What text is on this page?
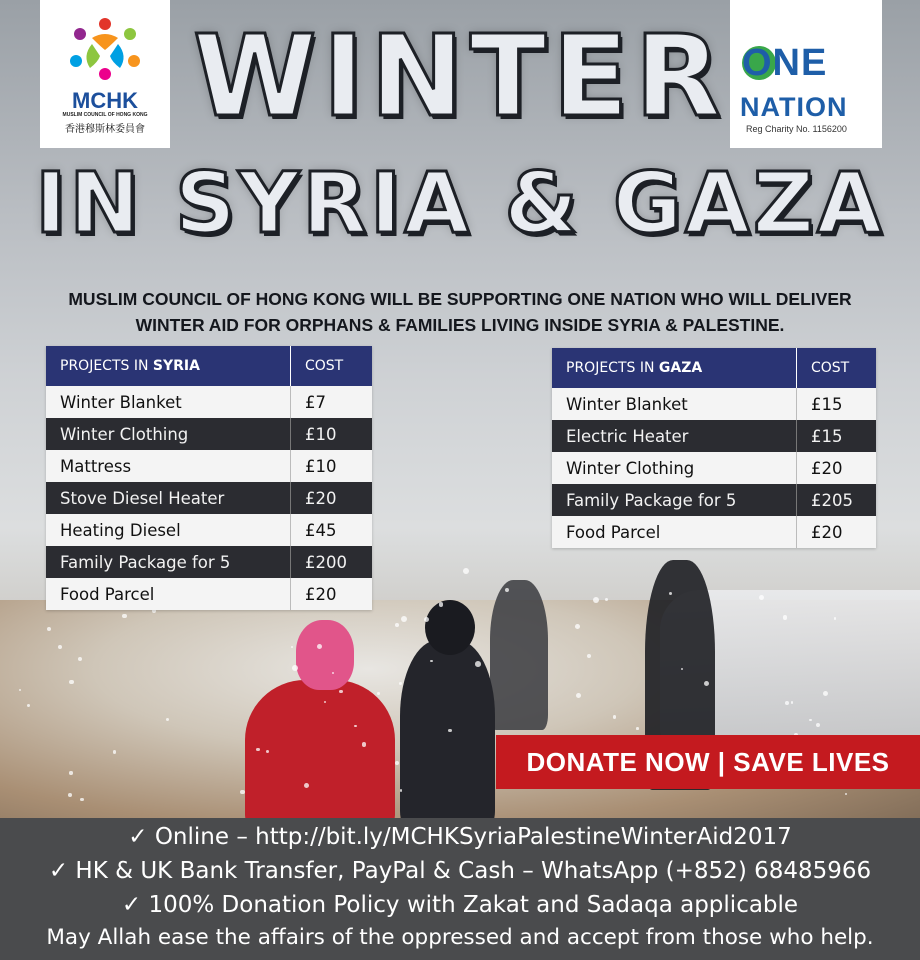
MCHK
MUSLIM COUNCIL OF HONG KONG
香港穆斯林委員會
ONE
NATION
Reg Charity No. 1156200
WINTER
IN SYRIA & GAZA
MUSLIM COUNCIL OF HONG KONG WILL BE SUPPORTING ONE NATION WHO WILL DELIVER
WINTER AID FOR ORPHANS & FAMILIES LIVING INSIDE SYRIA & PALESTINE.
PROJECTS IN SYRIA	COST
Winter Blanket	£7
Winter Clothing	£10
Mattress	£10
Stove Diesel Heater	£20
Heating Diesel	£45
Family Package for 5	£200
Food Parcel	£20
PROJECTS IN GAZA	COST
Winter Blanket	£15
Electric Heater	£15
Winter Clothing	£20
Family Package for 5	£205
Food Parcel	£20
DONATE NOW | SAVE LIVES
✓ Online – http://bit.ly/MCHKSyriaPalestineWinterAid2017
✓ HK & UK Bank Transfer, PayPal & Cash – WhatsApp (+852) 68485966
✓ 100% Donation Policy with Zakat and Sadaqa applicable
May Allah ease the affairs of the oppressed and accept from those who help.
